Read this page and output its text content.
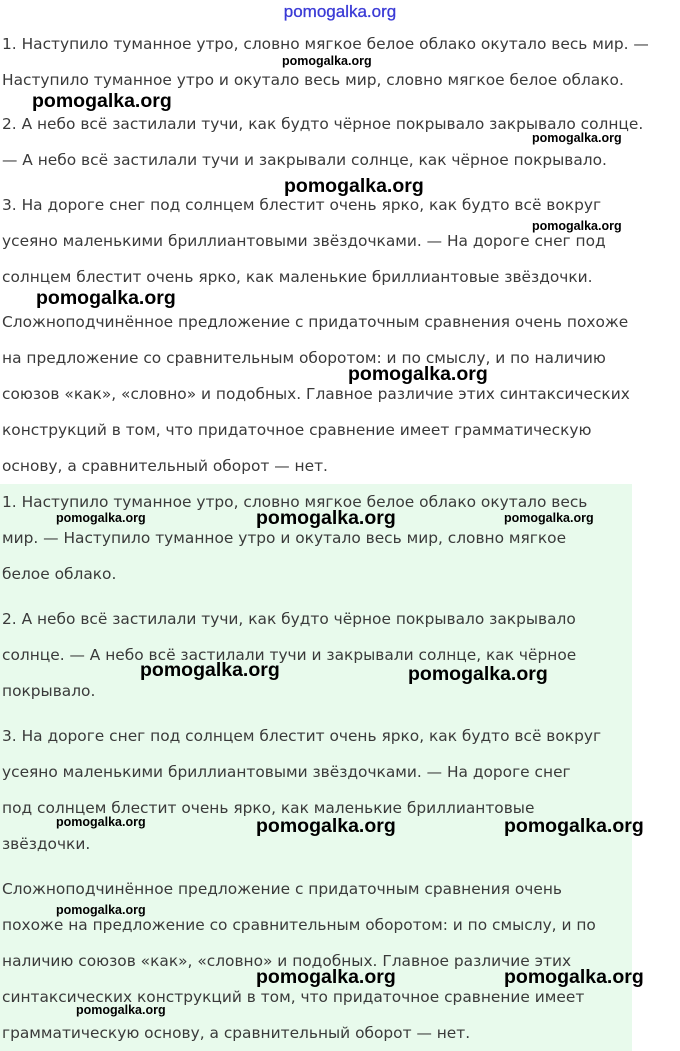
pomogalka.org

1. Наступило туманное утро, словно мягкое белое облако окутало весь мир. —

Наступило туманное утро и окутало весь мир, словно мягкое белое облако.

2. А небо всё застилали тучи, как будто чёрное покрывало закрывало солнце.

— А небо всё застилали тучи и закрывали солнце, как чёрное покрывало.

3. На дороге снег под солнцем блестит очень ярко, как будто всё вокруг

усеяно маленькими бриллиантовыми звёздочками. — На дороге снег под

солнцем блестит очень ярко, как маленькие бриллиантовые звёздочки.

Сложноподчинённое предложение с придаточным сравнения очень похоже

на предложение со сравнительным оборотом: и по смыслу, и по наличию

союзов «как», «словно» и подобных. Главное различие этих синтаксических

конструкций в том, что придаточное сравнение имеет грамматическую

основу, а сравнительный оборот — нет.

1. Наступило туманное утро, словно мягкое белое облако окутало весь

мир. — Наступило туманное утро и окутало весь мир, словно мягкое

белое облако.

2. А небо всё застилали тучи, как будто чёрное покрывало закрывало

солнце. — А небо всё застилали тучи и закрывали солнце, как чёрное

покрывало.

3. На дороге снег под солнцем блестит очень ярко, как будто всё вокруг

усеяно маленькими бриллиантовыми звёздочками. — На дороге снег

под солнцем блестит очень ярко, как маленькие бриллиантовые

звёздочки.

Сложноподчинённое предложение с придаточным сравнения очень

похоже на предложение со сравнительным оборотом: и по смыслу, и по

наличию союзов «как», «словно» и подобных. Главное различие этих

синтаксических конструкций в том, что придаточное сравнение имеет

грамматическую основу, а сравнительный оборот — нет.

pomogalka.org
pomogalka.org
pomogalka.org
pomogalka.org
pomogalka.org
pomogalka.org
pomogalka.org
pomogalka.org	pomogalka.org	pomogalka.org
pomogalka.org	pomogalka.org
pomogalka.org	pomogalka.org	pomogalka.org
pomogalka.org
pomogalka.org	pomogalka.org
pomogalka.org
